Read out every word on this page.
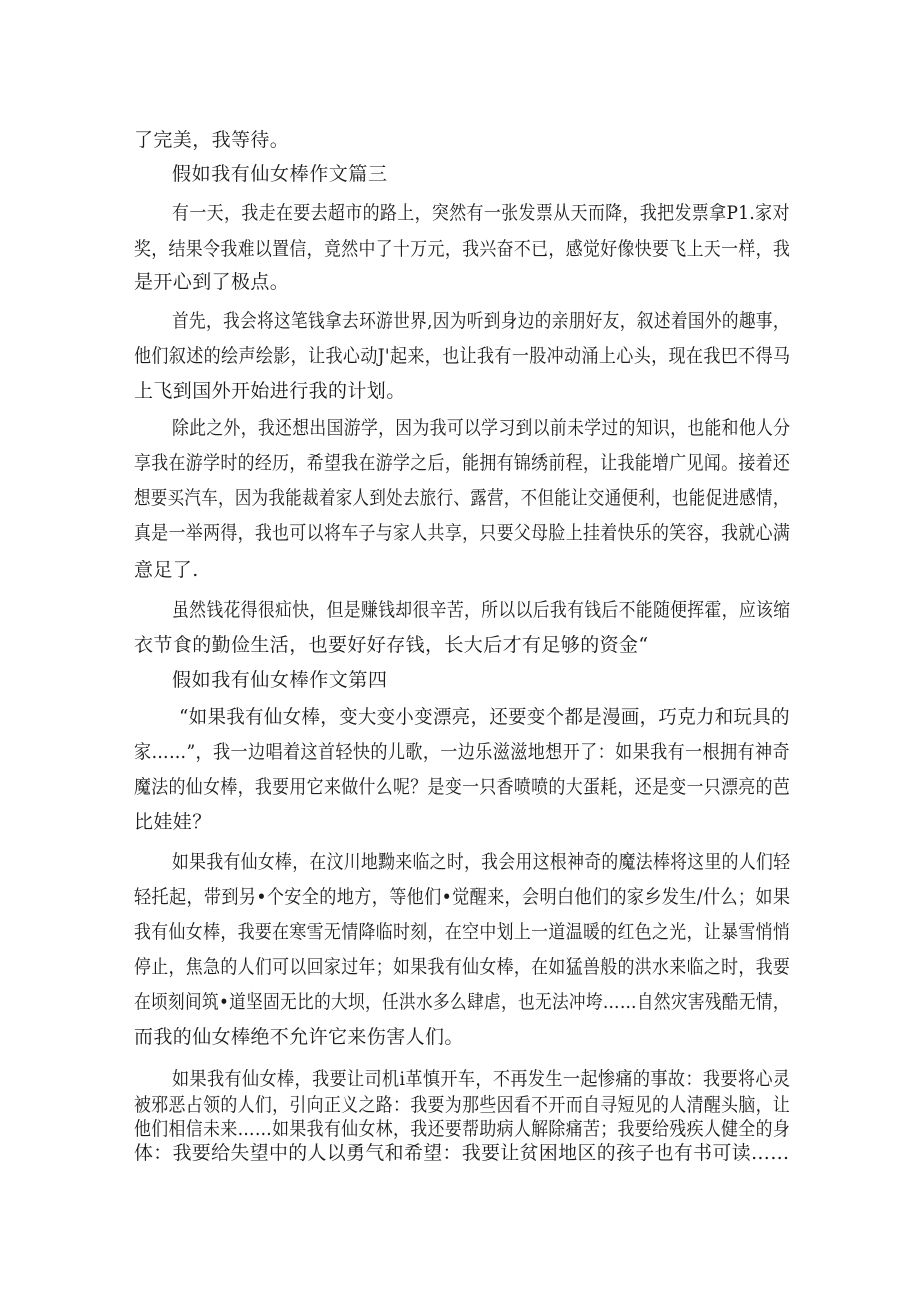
了完美，我等待。
假如我有仙女棒作文篇三
有一天，我走在要去超市的路上，突然有一张发票从天而降，我把发票拿P1.家对
奖，结果令我难以置信，竟然中了十万元，我兴奋不已，感觉好像快要飞上天一样，我
是开心到了极点。
首先，我会将这笔钱拿去环游世界,因为听到身边的亲朋好友，叙述着国外的趣事，
他们叙述的绘声绘影，让我心动J'起来，也让我有一股冲动涌上心头，现在我巴不得马
上飞到国外开始进行我的计划。
除此之外，我还想出国游学，因为我可以学习到以前未学过的知识，也能和他人分
享我在游学时的经历，希望我在游学之后，能拥有锦绣前程，让我能增广见闻。接着还
想要买汽车，因为我能裁着家人到处去旅行、露营，不但能让交通便利，也能促进感情，
真是一举两得，我也可以将车子与家人共享，只要父母脸上挂着快乐的笑容，我就心满
意足了.
虽然钱花得很疝快，但是赚钱却很辛苦，所以以后我有钱后不能随便挥霍，应该缩
衣节食的勤俭生活，也要好好存钱，长大后才有足够的资金“
假如我有仙女棒作文第四
“如果我有仙女棒，变大变小变漂亮，还要变个都是漫画，巧克力和玩具的
家……”，我一边唱着这首轻快的儿歌，一边乐滋滋地想开了：如果我有一根拥有神奇
魔法的仙女棒，我要用它来做什么呢？是变一只香喷喷的大蛋耗，还是变一只漂亮的芭
比娃娃？
如果我有仙女棒，在汶川地黝来临之时，我会用这根神奇的魔法棒将这里的人们轻
轻托起，带到另•个安全的地方，等他们•觉醒来，会明白他们的家乡发生/什么；如果
我有仙女棒，我要在寒雪无情降临时刻，在空中划上一道温暖的红色之光，让暴雪悄悄
停止，焦急的人们可以回家过年；如果我有仙女棒，在如猛兽般的洪水来临之时，我要
在顷刻间筑•道坚固无比的大坝，任洪水多么肆虐，也无法冲垮……自然灾害残酷无情，
而我的仙女棒绝不允许它来伤害人们。
如果我有仙女棒，我要让司机i革慎开车，不再发生一起惨痛的事故：我要将心灵
被邪恶占领的人们，引向正义之路：我要为那些因看不开而自寻短见的人清醒头脑，让
他们相信未来……如果我有仙女林，我还要帮助病人解除痛苦；我要给残疾人健全的身
体：我要给失望中的人以勇气和希望：我要让贫困地区的孩子也有书可读……
